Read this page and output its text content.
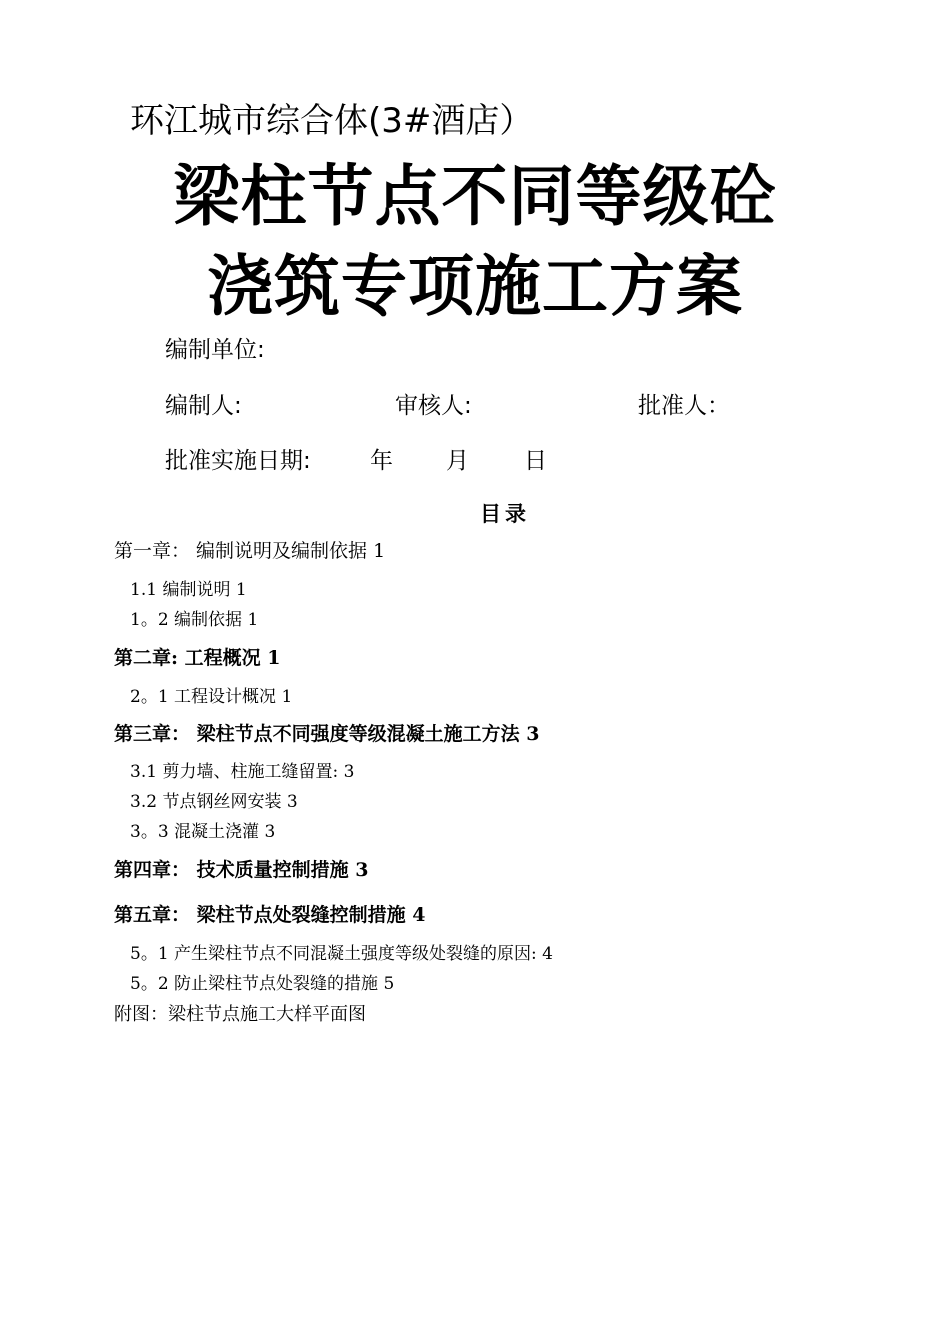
环江城市综合体(3#酒店）
梁柱节点不同等级砼
浇筑专项施工方案
编制单位:
编制人:	审核人:	批准人：
批准实施日期:	年 月 日
目录
第一章： 编制说明及编制依据 1
1.1 编制说明 1
1。2 编制依据 1
第二章: 工程概况 1
2。1 工程设计概况 1
第三章： 梁柱节点不同强度等级混凝土施工方法 3
3.1 剪力墙、柱施工缝留置: 3
3.2 节点钢丝网安装 3
3。3 混凝土浇灌 3
第四章： 技术质量控制措施 3
第五章： 梁柱节点处裂缝控制措施 4
5。1 产生梁柱节点不同混凝土强度等级处裂缝的原因: 4
5。2 防止梁柱节点处裂缝的措施 5
附图：梁柱节点施工大样平面图
